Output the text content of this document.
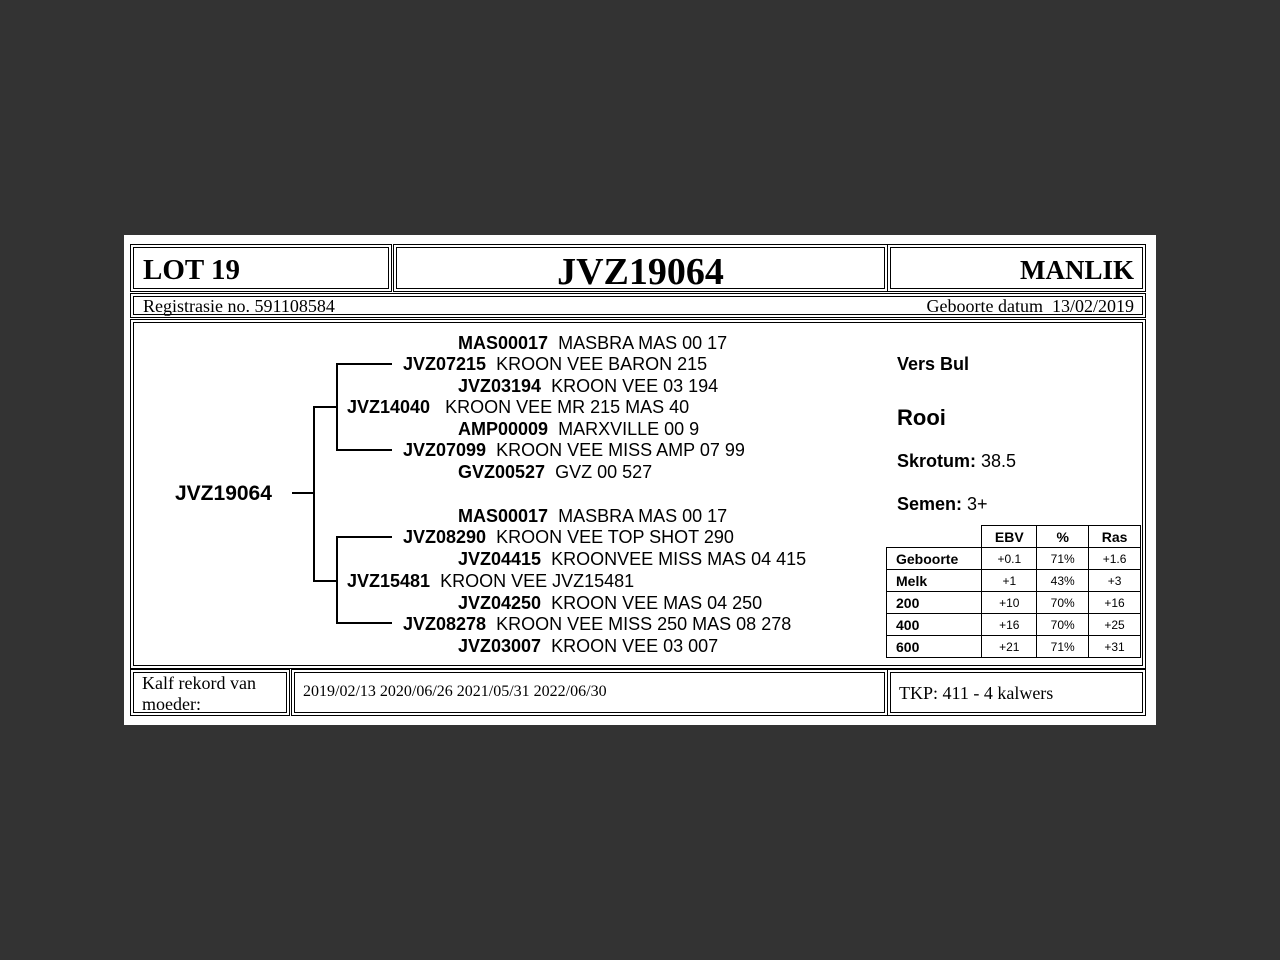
LOT 19	JVZ19064	MANLIK
Registrasie no. 591108584	Geboorte datum 13/02/2019
JVZ19064
MAS00017 MASBRA MAS 00 17
JVZ07215 KROON VEE BARON 215
JVZ03194 KROON VEE 03 194
JVZ14040 KROON VEE MR 215 MAS 40
AMP00009 MARXVILLE 00 9
JVZ07099 KROON VEE MISS AMP 07 99
GVZ00527 GVZ 00 527
MAS00017 MASBRA MAS 00 17
JVZ08290 KROON VEE TOP SHOT 290
JVZ04415 KROONVEE MISS MAS 04 415
JVZ15481 KROON VEE JVZ15481
JVZ04250 KROON VEE MAS 04 250
JVZ08278 KROON VEE MISS 250 MAS 08 278
JVZ03007 KROON VEE 03 007
Vers Bul
Rooi
Skrotum: 38.5
Semen: 3+
	EBV	%	Ras
Geboorte	+0.1	71%	+1.6
Melk	+1	43%	+3
200	+10	70%	+16
400	+16	70%	+25
600	+21	71%	+31
Kalf rekord van moeder:
2019/02/13 2020/06/26 2021/05/31 2022/06/30	TKP: 411 - 4 kalwers
